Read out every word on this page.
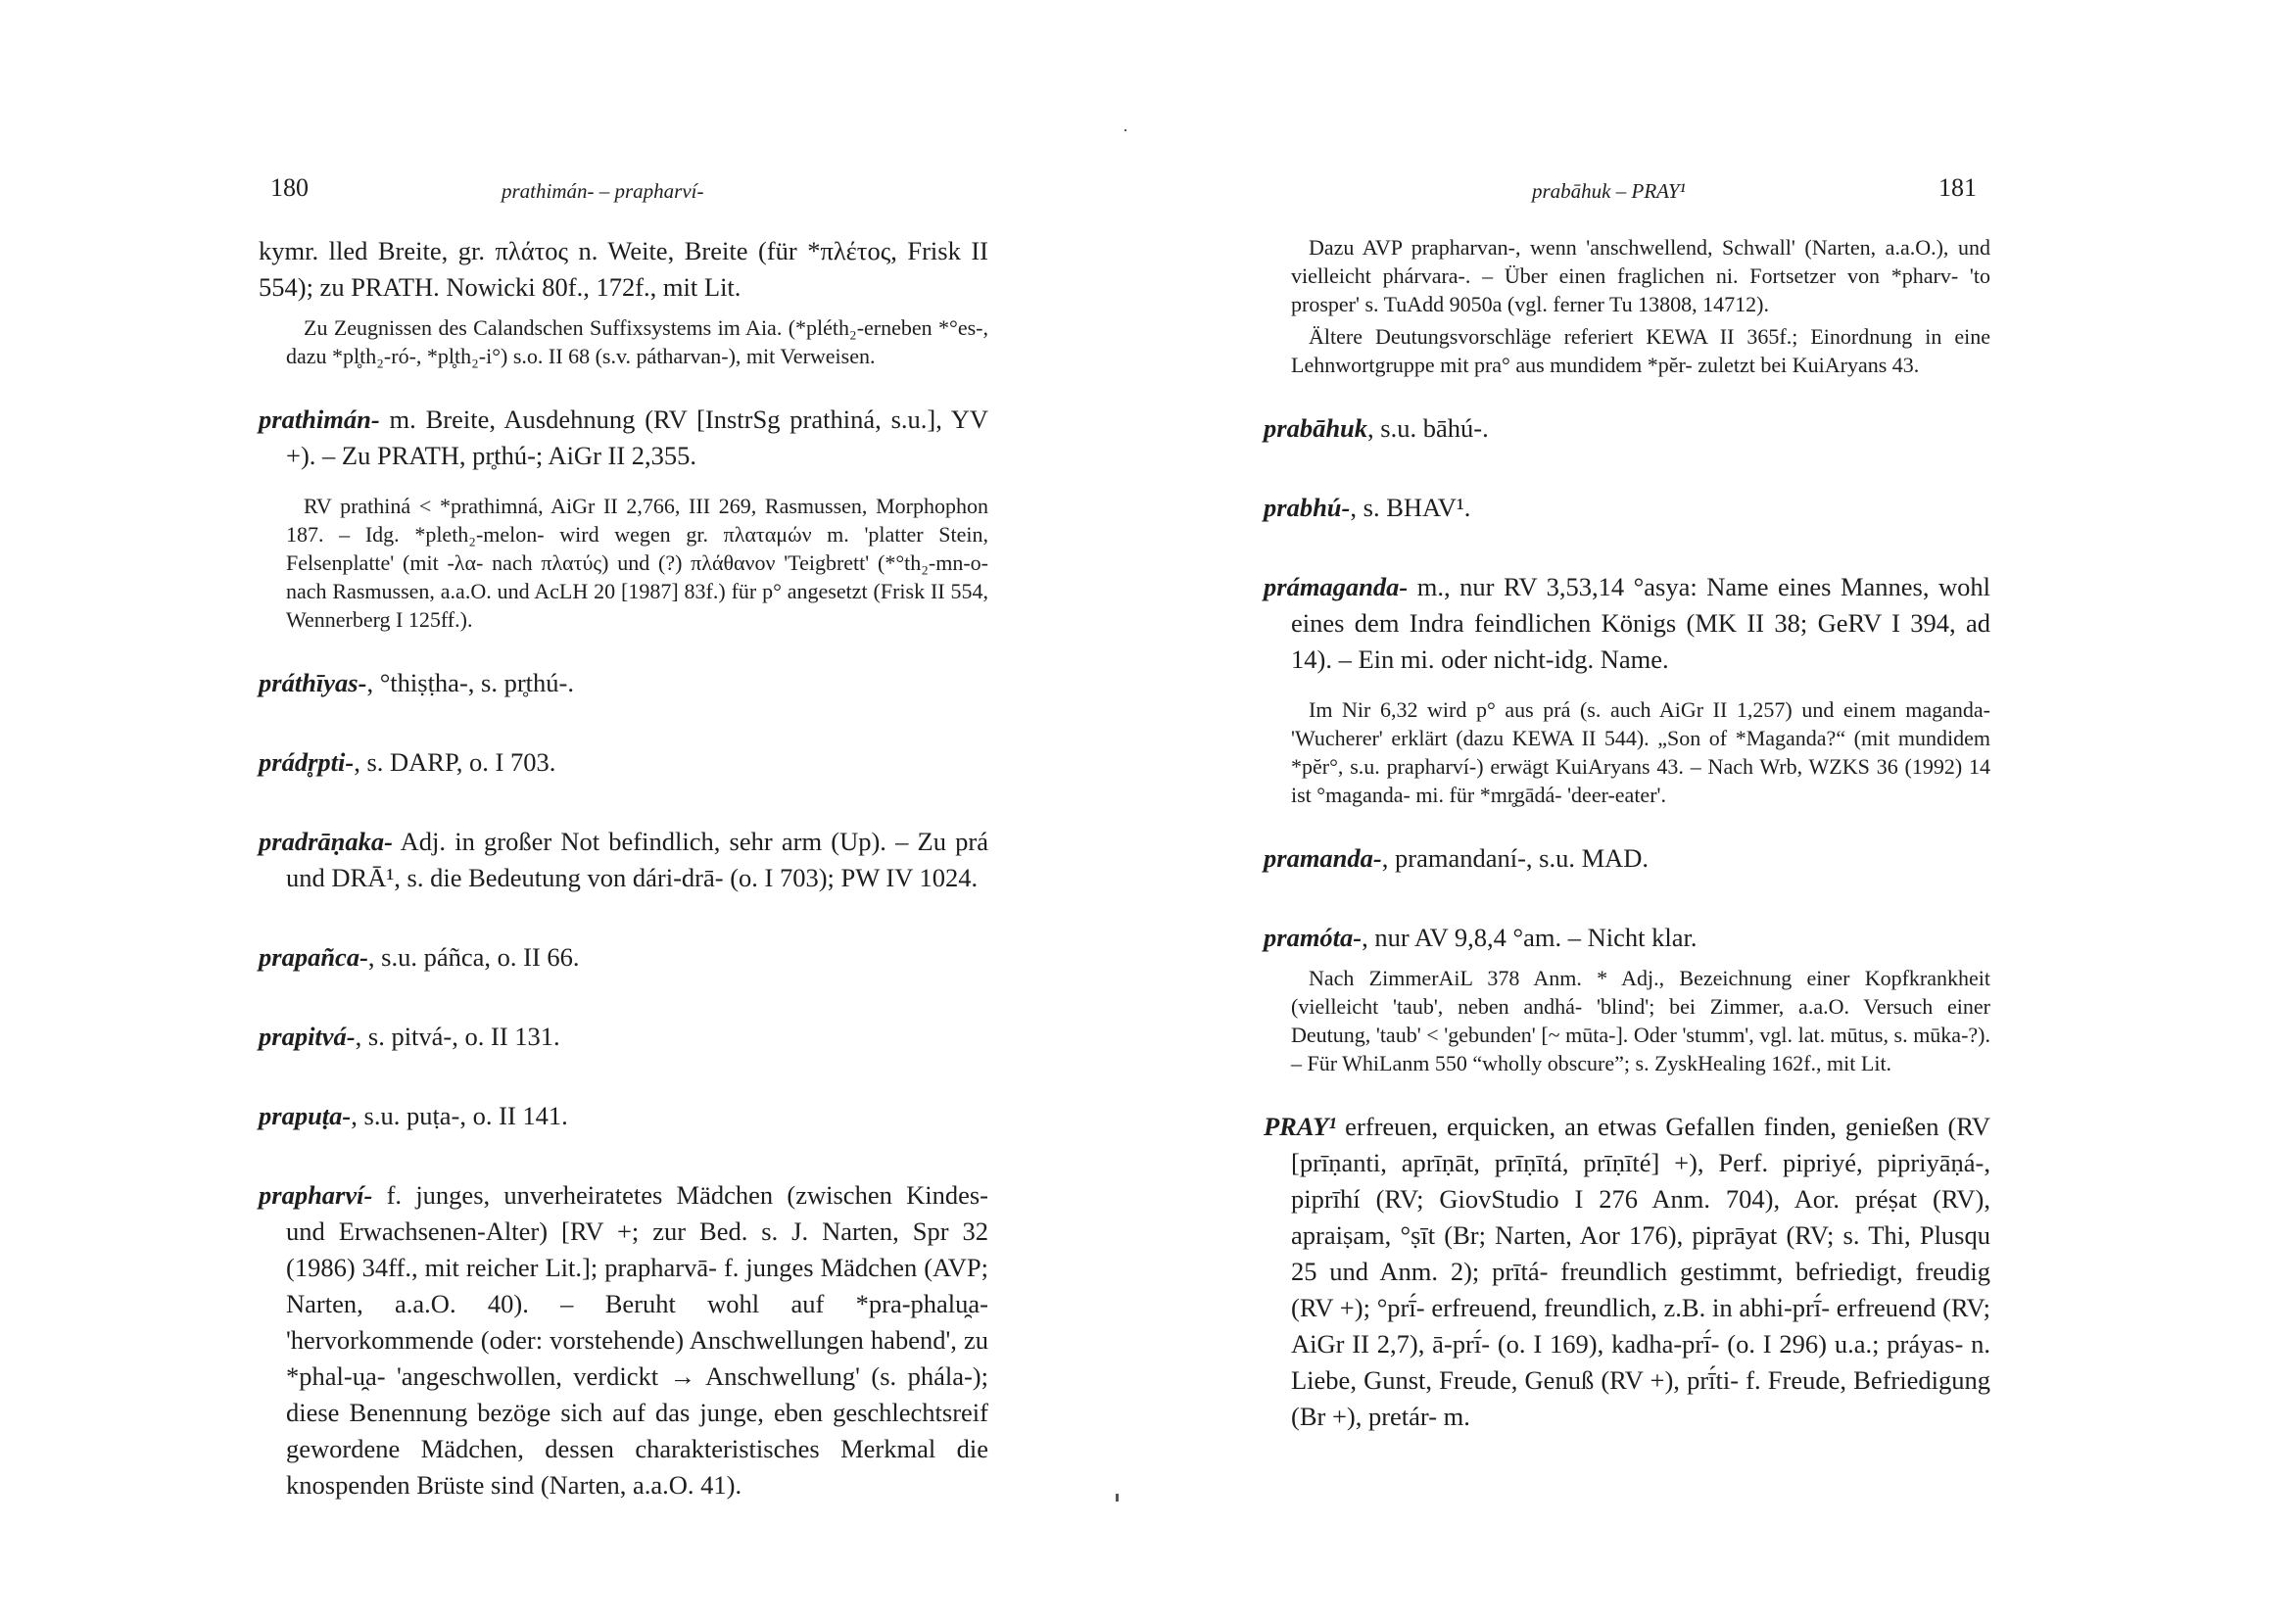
180	prathimán- – prapharví-

kymr. lled Breite, gr. πλάτος n. Weite, Breite (für *πλέτος, Frisk II 554); zu PRATH. Nowicki 80f., 172f., mit Lit.

Zu Zeugnissen des Calandschen Suffixsystems im Aia. (*pléth₂-erneben *°es-, dazu *pl̥th₂-ró-, *pl̥th₂-i°) s.o. II 68 (s.v. pátharvan-), mit Verweisen.

prathimán- m. Breite, Ausdehnung (RV [InstrSg prathiná, s.u.], YV +). – Zu PRATH, pr̥thú-; AiGr II 2,355.

RV prathiná < *prathimná, AiGr II 2,766, III 269, Rasmussen, Morphophon 187. – Idg. *pleth₂-melon- wird wegen gr. πλαταμών m. 'platter Stein, Felsenplatte' (mit -λα- nach πλατύς) und (?) πλάθανον 'Teigbrett' (*°th₂-mn-o- nach Rasmussen, a.a.O. und AcLH 20 [1987] 83f.) für p° angesetzt (Frisk II 554, Wennerberg I 125ff.).

práthīyas-, °thiṣṭha-, s. pr̥thú-.

prádr̥pti-, s. DARP, o. I 703.

pradrāṇaka- Adj. in großer Not befindlich, sehr arm (Up). – Zu prá und DRĀ¹, s. die Bedeutung von dári-drā- (o. I 703); PW IV 1024.

prapañca-, s.u. páñca, o. II 66.

prapitvá-, s. pitvá-, o. II 131.

prapuṭa-, s.u. puṭa-, o. II 141.

prapharví- f. junges, unverheiratetes Mädchen (zwischen Kindes- und Erwachsenen-Alter) [RV +; zur Bed. s. J. Narten, Spr 32 (1986) 34ff., mit reicher Lit.]; prapharvā- f. junges Mädchen (AVP; Narten, a.a.O. 40). – Beruht wohl auf *pra-phalu̯a- 'hervorkommende (oder: vorstehende) Anschwellungen habend', zu *phal-u̯a- 'angeschwollen, verdickt → Anschwellung' (s. phála-); diese Benennung bezöge sich auf das junge, eben geschlechtsreif gewordene Mädchen, dessen charakteristisches Merkmal die knospenden Brüste sind (Narten, a.a.O. 41).

prabāhuk – PRAY¹	181

Dazu AVP prapharvan-, wenn 'anschwellend, Schwall' (Narten, a.a.O.), und vielleicht phárvara-. – Über einen fraglichen ni. Fortsetzer von *pharv- 'to prosper' s. TuAdd 9050a (vgl. ferner Tu 13808, 14712).

Ältere Deutungsvorschläge referiert KEWA II 365f.; Einordnung in eine Lehnwortgruppe mit pra° aus mundidem *pĕr- zuletzt bei KuiAryans 43.

prabāhuk, s.u. bāhú-.

prabhú-, s. BHAV¹.

prámaganda- m., nur RV 3,53,14 °asya: Name eines Mannes, wohl eines dem Indra feindlichen Königs (MK II 38; GeRV I 394, ad 14). – Ein mi. oder nicht-idg. Name.

Im Nir 6,32 wird p° aus prá (s. auch AiGr II 1,257) und einem maganda- 'Wucherer' erklärt (dazu KEWA II 544). „Son of *Maganda?“ (mit mundidem *pĕr°, s.u. prapharví-) erwägt KuiAryans 43. – Nach Wrb, WZKS 36 (1992) 14 ist °maganda- mi. für *mr̥gādá- 'deer-eater'.

pramanda-, pramandaní-, s.u. MAD.

pramóta-, nur AV 9,8,4 °am. – Nicht klar.

Nach ZimmerAiL 378 Anm. * Adj., Bezeichnung einer Kopfkrankheit (vielleicht 'taub', neben andhá- 'blind'; bei Zimmer, a.a.O. Versuch einer Deutung, 'taub' < 'gebunden' [~ mūta-]. Oder 'stumm', vgl. lat. mūtus, s. mūka-?). – Für WhiLanm 550 “wholly obscure”; s. ZyskHealing 162f., mit Lit.

PRAY¹ erfreuen, erquicken, an etwas Gefallen finden, genießen (RV [prīṇanti, aprīṇāt, prīṇītá, prīṇīté] +), Perf. pipriyé, pipriyāṇá-, piprīhí (RV; GiovStudio I 276 Anm. 704), Aor. préṣat (RV), apraiṣam, °ṣīt (Br; Narten, Aor 176), piprāyat (RV; s. Thi, Plusqu 25 und Anm. 2); prītá- freundlich gestimmt, befriedigt, freudig (RV +); °prī́- erfreuend, freundlich, z.B. in abhi-prī́- erfreuend (RV; AiGr II 2,7), ā-prī́- (o. I 169), kadha-prī́- (o. I 296) u.a.; práyas- n. Liebe, Gunst, Freude, Genuß (RV +), prī́ti- f. Freude, Befriedigung (Br +), pretár- m.
